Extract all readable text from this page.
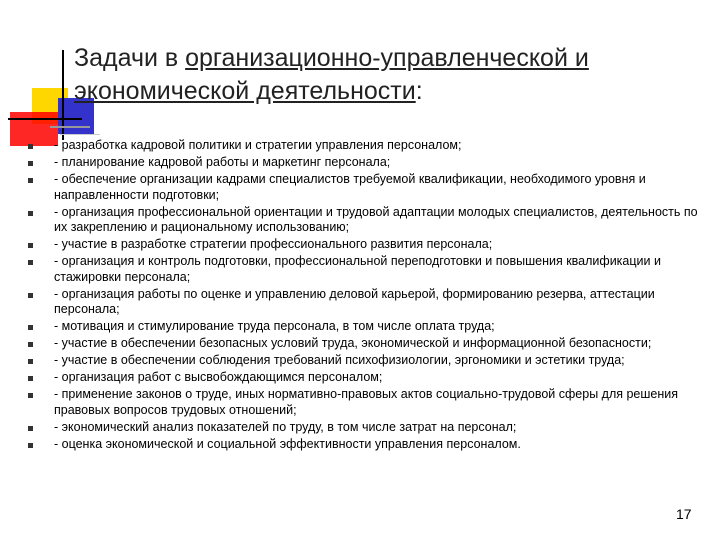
Задачи в организационно-управленческой и экономической деятельности:
- разработка кадровой политики и стратегии управления персоналом;
- планирование кадровой работы и маркетинг персонала;
- обеспечение организации кадрами специалистов требуемой квалификации, необходимого уровня и направленности подготовки;
- организация профессиональной ориентации и трудовой адаптации молодых специалистов, деятельность по их закреплению и рациональному использованию;
- участие в разработке стратегии профессионального развития персонала;
- организация и контроль подготовки, профессиональной переподготовки и повышения квалификации и стажировки персонала;
- организация работы по оценке и управлению деловой карьерой, формированию резерва, аттестации персонала;
- мотивация и стимулирование труда персонала, в том числе оплата труда;
- участие в обеспечении безопасных условий труда, экономической и информационной безопасности;
- участие в обеспечении соблюдения требований психофизиологии, эргономики и эстетики труда;
- организация работ с высвобождающимся персоналом;
- применение законов о труде, иных нормативно-правовых актов социально-трудовой сферы для решения правовых вопросов трудовых отношений;
- экономический анализ показателей по труду, в том числе затрат на персонал;
- оценка экономической и социальной эффективности управления персоналом.
17
